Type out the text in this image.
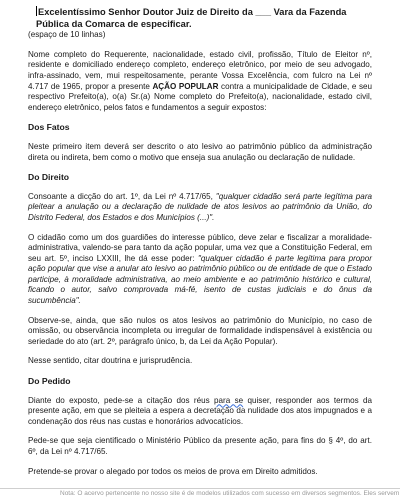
Excelentíssimo Senhor Doutor Juiz de Direito da ___ Vara da Fazenda Pública da Comarca de especificar.

(espaço de 10 linhas)

Nome completo do Requerente, nacionalidade, estado civil, profissão, Título de Eleitor nº, residente e domiciliado endereço completo, endereço eletrônico, por meio de seu advogado, infra-assinado, vem, mui respeitosamente, perante Vossa Excelência, com fulcro na Lei nº 4.717 de 1965, propor a presente AÇÃO POPULAR contra a municipalidade de Cidade, e seu respectivo Prefeito(a), o(a) Sr.(a) Nome completo do Prefeito(a), nacionalidade, estado civil, endereço eletrônico, pelos fatos e fundamentos a seguir expostos:

Dos Fatos

Neste primeiro item deverá ser descrito o ato lesivo ao patrimônio público da administração direta ou indireta, bem como o motivo que enseja sua anulação ou declaração de nulidade.

Do Direito

Consoante a dicção do art. 1º, da Lei nº 4.717/65, "qualquer cidadão será parte legítima para pleitear a anulação ou a declaração de nulidade de atos lesivos ao patrimônio da União, do Distrito Federal, dos Estados e dos Municípios (...)".

O cidadão como um dos guardiões do interesse público, deve zelar e fiscalizar a moralidade-administrativa, valendo-se para tanto da ação popular, uma vez que a Constituição Federal, em seu art. 5º, inciso LXXIII, lhe dá esse poder: "qualquer cidadão é parte legítima para propor ação popular que vise a anular ato lesivo ao patrimônio público ou de entidade de que o Estado participe, à moralidade administrativa, ao meio ambiente e ao patrimônio histórico e cultural, ficando o autor, salvo comprovada má-fé, isento de custas judiciais e do ônus da sucumbência".

Observe-se, ainda, que são nulos os atos lesivos ao patrimônio do Município, no caso de omissão, ou observância incompleta ou irregular de formalidade indispensável à existência ou seriedade do ato (art. 2º, parágrafo único, b, da Lei da Ação Popular).

Nesse sentido, citar doutrina e jurisprudência.

Do Pedido

Diante do exposto, pede-se a citação dos réus para se quiser, responder aos termos da presente ação, em que se pleiteia a espera a decretação da nulidade dos atos impugnados e a condenação dos réus nas custas e honorários advocatícios.

Pede-se que seja cientificado o Ministério Público da presente ação, para fins do § 4º, do art. 6º, da Lei nº 4.717/65.

Pretende-se provar o alegado por todos os meios de prova em Direito admitidos.

Nota: O acervo pertencente no nosso site é de modelos utilizados com sucesso em diversos segmentos. Eles servem
